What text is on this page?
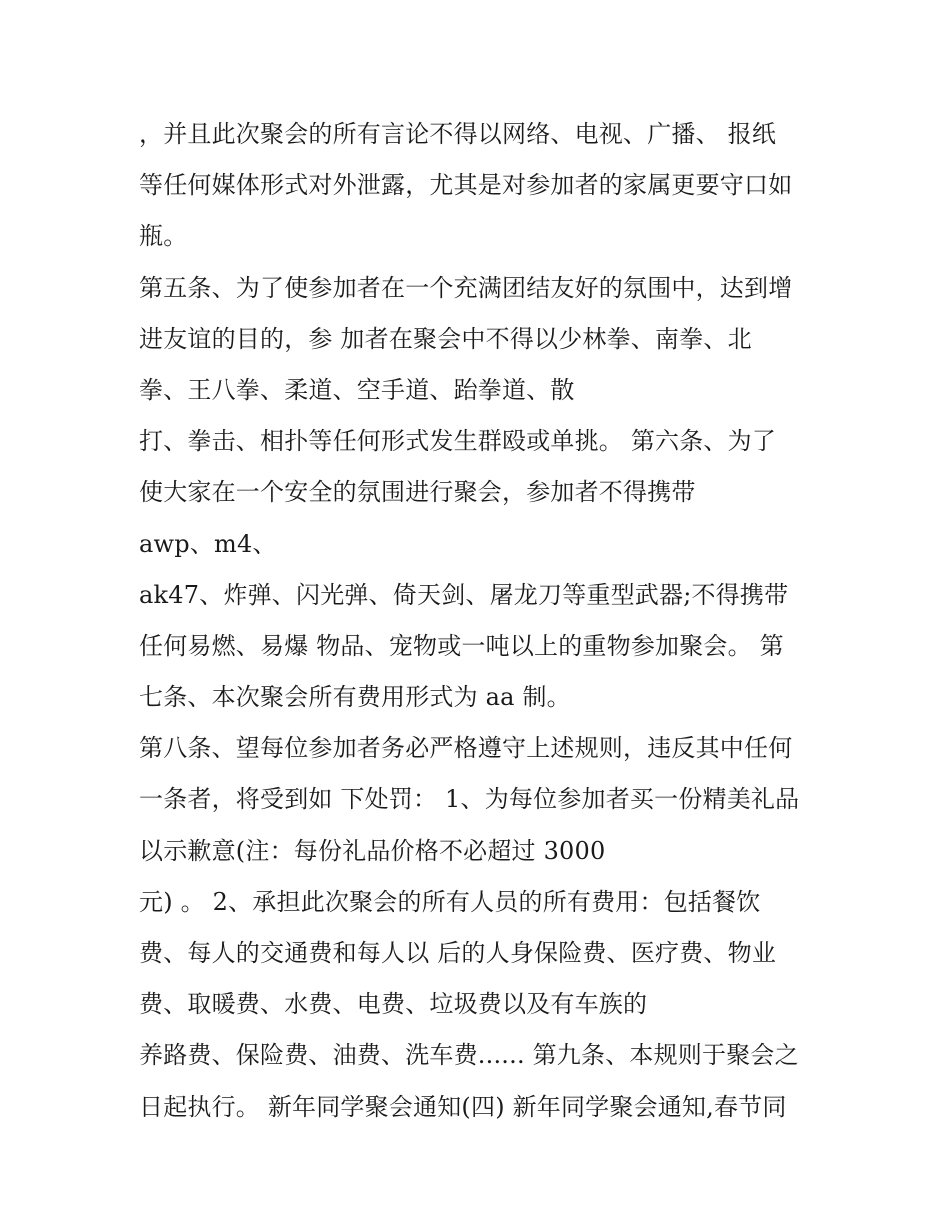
，并且此次聚会的所有言论不得以网络、电视、广播、 报纸
等任何媒体形式对外泄露，尤其是对参加者的家属更要守口如
瓶。
第五条、为了使参加者在一个充满团结友好的氛围中，达到增
进友谊的目的，参 加者在聚会中不得以少林拳、南拳、北
拳、王八拳、柔道、空手道、跆拳道、散
打、拳击、相扑等任何形式发生群殴或单挑。 第六条、为了
使大家在一个安全的氛围进行聚会，参加者不得携带
awp、m4、
ak47、炸弹、闪光弹、倚天剑、屠龙刀等重型武器;不得携带
任何易燃、易爆 物品、宠物或一吨以上的重物参加聚会。 第
七条、本次聚会所有费用形式为 aa 制。
第八条、望每位参加者务必严格遵守上述规则，违反其中任何
一条者，将受到如 下处罚： 1、为每位参加者买一份精美礼品
以示歉意(注：每份礼品价格不必超过 3000
元) 。 2、承担此次聚会的所有人员的所有费用：包括餐饮
费、每人的交通费和每人以 后的人身保险费、医疗费、物业
费、取暖费、水费、电费、垃圾费以及有车族的
养路费、保险费、油费、洗车费...... 第九条、本规则于聚会之
日起执行。 新年同学聚会通知(四) 新年同学聚会通知,春节同
